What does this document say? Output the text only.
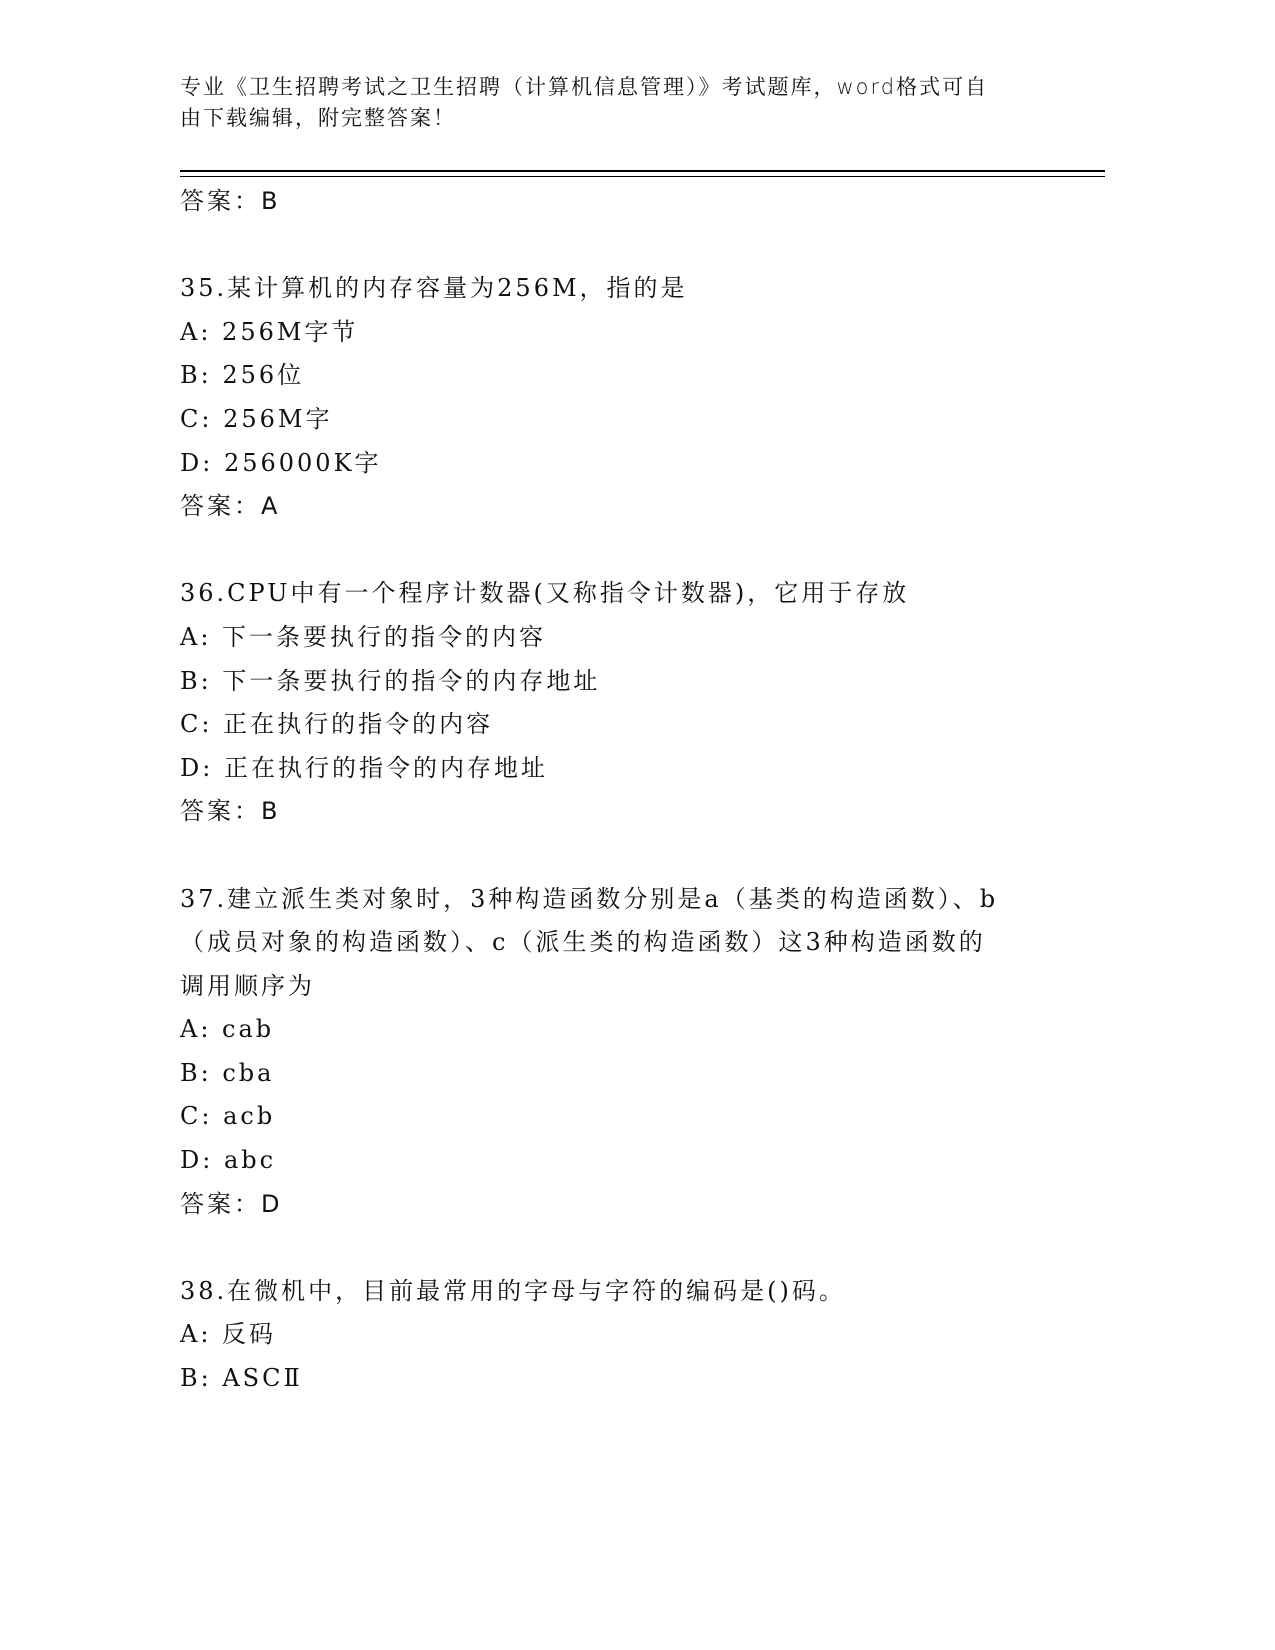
专业《卫生招聘考试之卫生招聘（计算机信息管理）》考试题库，word格式可自
由下载编辑，附完整答案！
答案：B
35.某计算机的内存容量为256M，指的是
A: 256M字节
B: 256位
C: 256M字
D: 256000K字
答案：A
36.CPU中有一个程序计数器(又称指令计数器)，它用于存放
A: 下一条要执行的指令的内容
B: 下一条要执行的指令的内存地址
C: 正在执行的指令的内容
D: 正在执行的指令的内存地址
答案：B
37.建立派生类对象时，3种构造函数分别是a（基类的构造函数）、b
（成员对象的构造函数）、c（派生类的构造函数）这3种构造函数的
调用顺序为
A: cab
B: cba
C: acb
D: abc
答案：D
38.在微机中，目前最常用的字母与字符的编码是()码。
A: 反码
B: ASCⅡ
